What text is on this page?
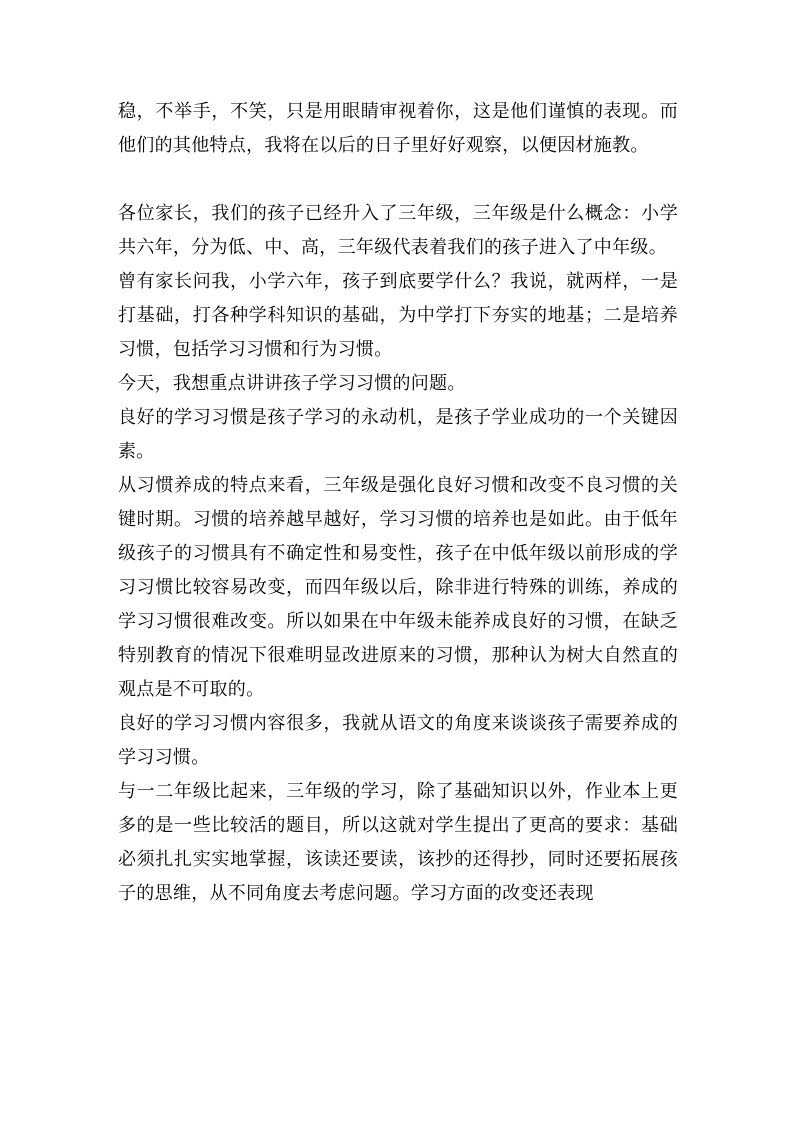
稳，不举手，不笑，只是用眼睛审视着你，这是他们谨慎的表现。而他们的其他特点，我将在以后的日子里好好观察，以便因材施教。

各位家长，我们的孩子已经升入了三年级，三年级是什么概念：小学共六年，分为低、中、高，三年级代表着我们的孩子进入了中年级。

曾有家长问我，小学六年，孩子到底要学什么？我说，就两样，一是打基础，打各种学科知识的基础，为中学打下夯实的地基；二是培养习惯，包括学习习惯和行为习惯。

今天，我想重点讲讲孩子学习习惯的问题。

良好的学习习惯是孩子学习的永动机，是孩子学业成功的一个关键因素。

从习惯养成的特点来看，三年级是强化良好习惯和改变不良习惯的关键时期。习惯的培养越早越好，学习习惯的培养也是如此。由于低年级孩子的习惯具有不确定性和易变性，孩子在中低年级以前形成的学习习惯比较容易改变，而四年级以后，除非进行特殊的训练，养成的学习习惯很难改变。所以如果在中年级未能养成良好的习惯，在缺乏特别教育的情况下很难明显改进原来的习惯，那种认为树大自然直的观点是不可取的。

良好的学习习惯内容很多，我就从语文的角度来谈谈孩子需要养成的学习习惯。

与一二年级比起来，三年级的学习，除了基础知识以外，作业本上更多的是一些比较活的题目，所以这就对学生提出了更高的要求：基础必须扎扎实实地掌握，该读还要读，该抄的还得抄，同时还要拓展孩子的思维，从不同角度去考虑问题。学习方面的改变还表现
